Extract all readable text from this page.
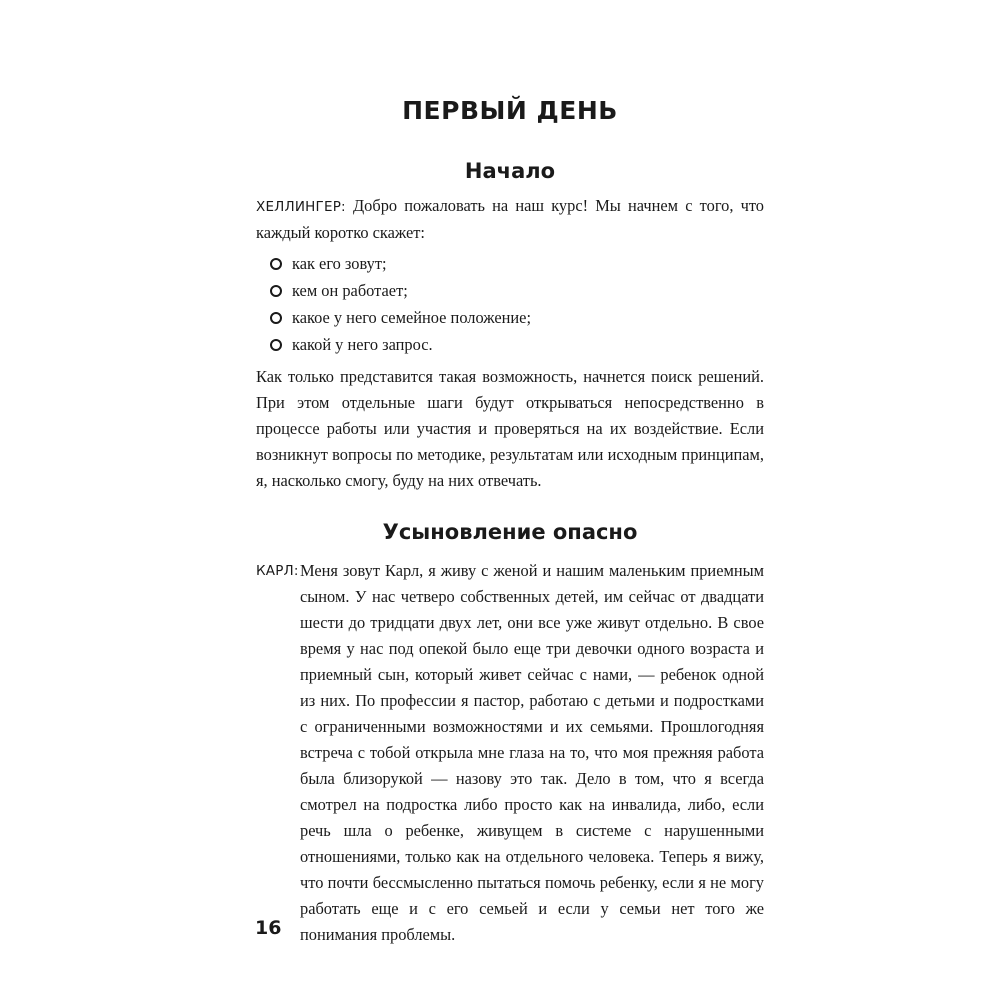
ПЕРВЫЙ ДЕНЬ
Начало

ХЕЛЛИНГЕР: Добро пожаловать на наш курс! Мы начнем с того, что каждый коротко скажет:

как его зовут;
кем он работает;
какое у него семейное положение;
какой у него запрос.

Как только представится такая возможность, начнется поиск решений. При этом отдельные шаги будут открываться непосредственно в процессе работы или участия и проверяться на их воздействие. Если возникнут вопросы по методике, результатам или исходным принципам, я, насколько смогу, буду на них отвечать.

Усыновление опасно

КАРЛ: Меня зовут Карл, я живу с женой и нашим маленьким приемным сыном. У нас четверо собственных детей, им сейчас от двадцати шести до тридцати двух лет, они все уже живут отдельно. В свое время у нас под опекой было еще три девочки одного возраста и приемный сын, который живет сейчас с нами, — ребенок одной из них. По профессии я пастор, работаю с детьми и подростками с ограниченными возможностями и их семьями. Прошлогодняя встреча с тобой открыла мне глаза на то, что моя прежняя работа была близорукой — назову это так. Дело в том, что я всегда смотрел на подростка либо просто как на инвалида, либо, если речь шла о ребенке, живущем в системе с нарушенными отношениями, только как на отдельного человека. Теперь я вижу, что почти бессмысленно пытаться помочь ребенку, если я не могу работать еще и с его семьей и если у семьи нет того же понимания проблемы.

16
